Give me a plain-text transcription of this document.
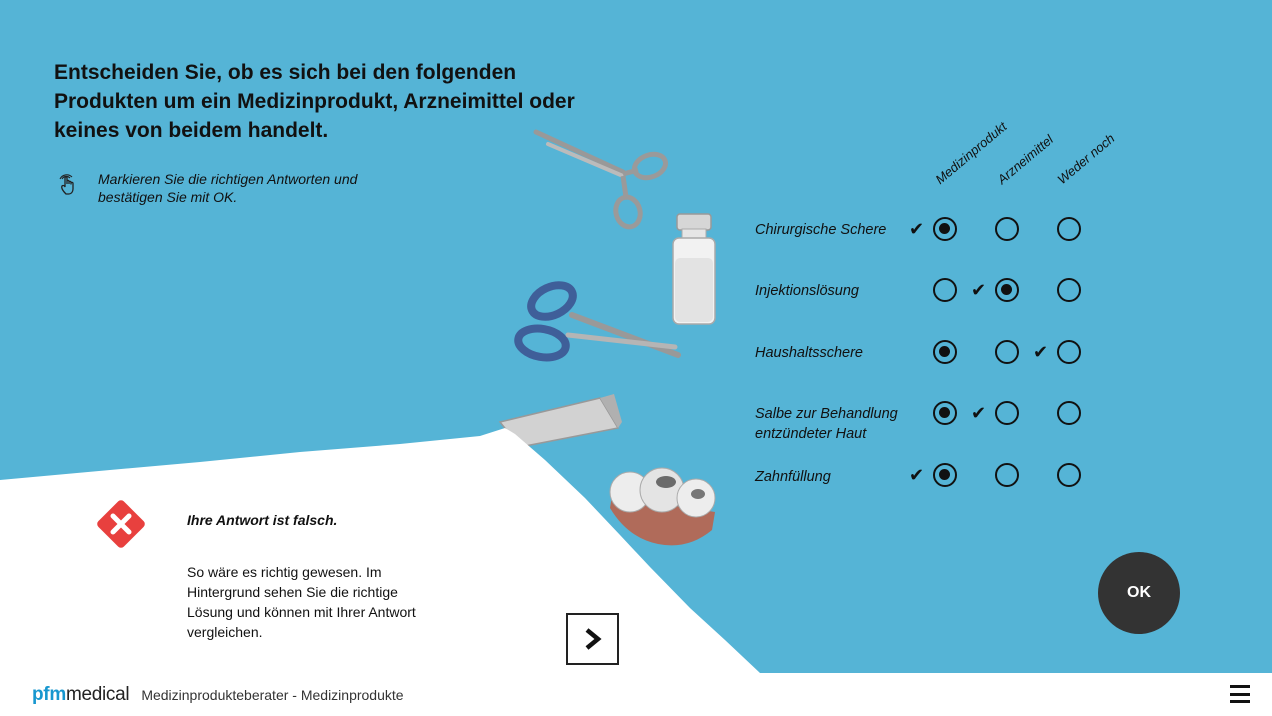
Entscheiden Sie, ob es sich bei den folgenden Produkten um ein Medizinprodukt, Arzneimittel oder keines von beidem handelt.
Markieren Sie die richtigen Antworten und bestätigen Sie mit OK.
Medizinprodukt
Arzneimittel
Weder noch
Chirurgische Schere
Injektionslösung
Haushaltsschere
Salbe zur Behandlung entzündeter Haut
Zahnfüllung
✔
✔
✔
✔
✔
OK
Ihre Antwort ist falsch.
So wäre es richtig gewesen. Im Hintergrund sehen Sie die richtige Lösung und können mit Ihrer Antwort vergleichen.
pfmmedical Medizinprodukteberater - Medizinprodukte
